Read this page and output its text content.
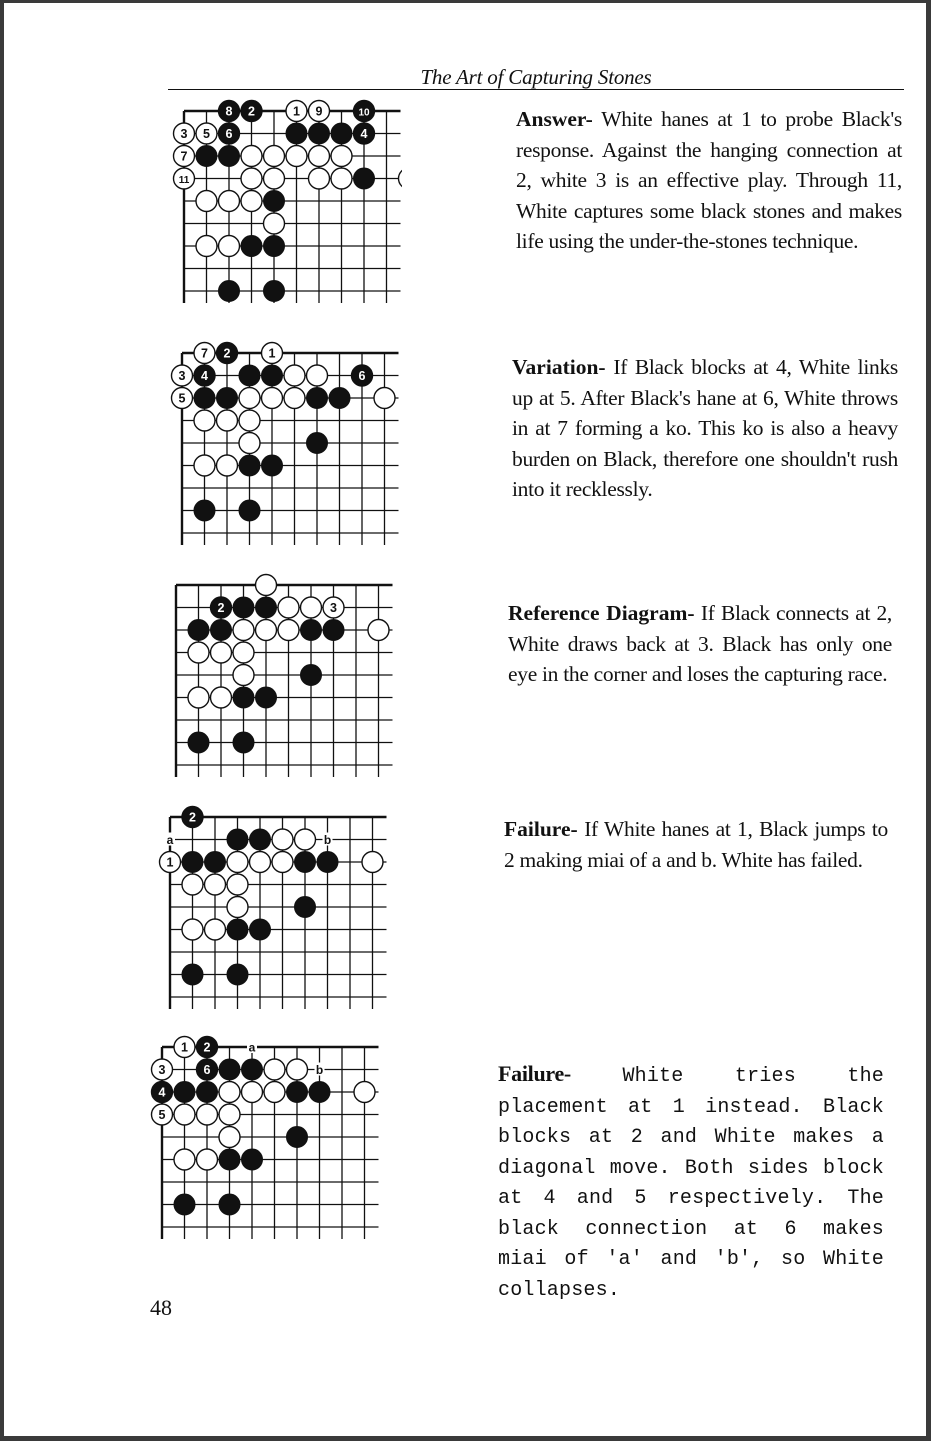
The Art of Capturing Stones
8 2	1 9	10
3 5 6	4
7
11
7 2	1
3 4	6
5
2	3
2
1
a	b
1 2
3	6
4
5
a
b
Answer- White hanes at 1 to probe Black's response. Against the hanging connection at 2, white 3 is an effective play. Through 11, White captures some black stones and makes life using the under-the-stones technique.
Variation- If Black blocks at 4, White links up at 5. After Black's hane at 6, White throws in at 7 forming a ko. This ko is also a heavy burden on Black, therefore one shouldn't rush into it recklessly.
Reference Diagram- If Black connects at 2, White draws back at 3. Black has only one eye in the corner and loses the capturing race.
Failure- If White hanes at 1, Black jumps to 2 making miai of a and b. White has failed.
Failure-	White tries the placement at 1 instead. Black blocks at 2 and White makes a diagonal move. Both sides block at 4 and 5 respectively. The black connection at 6 makes miai of 'a' and 'b', so White collapses.
48
